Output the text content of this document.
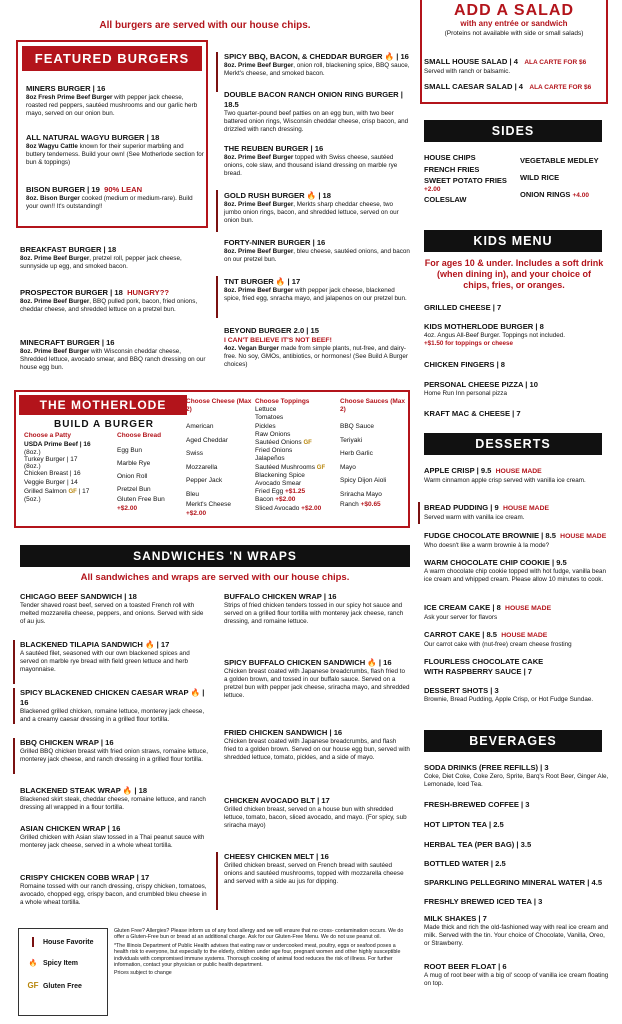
All burgers are served with our house chips.
FEATURED BURGERS
MINERS BURGER | 16
8oz Fresh Prime Beef Burger with pepper jack cheese, roasted red peppers, sautéed mushrooms and our garlic herb mayo, served on our onion bun.
ALL NATURAL WAGYU BURGER | 18
8oz Wagyu Cattle known for their superior marbling and buttery tenderness. Build your own! (See Motherlode section for bun & toppings)
BISON BURGER | 19 90% LEAN
8oz. Bison Burger cooked (medium or medium-rare). Build your own!! It's outstanding!!
BREAKFAST BURGER | 18
8oz. Prime Beef Burger, pretzel roll, pepper jack cheese, sunnyside up egg, and smoked bacon.
PROSPECTOR BURGER | 18 HUNGRY??
8oz. Prime Beef Burger, BBQ pulled pork, bacon, fried onions, cheddar cheese, and shredded lettuce on a pretzel bun.
MINECRAFT BURGER | 16
8oz. Prime Beef Burger with Wisconsin cheddar cheese, Shredded lettuce, avocado smear, and BBQ ranch dressing on our house egg bun.
SPICY BBQ, BACON, & CHEDDAR BURGER 🔥 | 16
8oz. Prime Beef Burger, onion roll, blackening spice, BBQ sauce, Merkt's cheese, and smoked bacon.
DOUBLE BACON RANCH ONION RING BURGER | 18.5
Two quarter-pound beef patties on an egg bun, with two beer battered onion rings, Wisconsin cheddar cheese, crisp bacon, and drizzled with ranch dressing.
THE REUBEN BURGER | 16
8oz. Prime Beef Burger topped with Swiss cheese, sautéed onions, cole slaw, and thousand island dressing on marble rye bread.
GOLD RUSH BURGER 🔥 | 18
8oz. Prime Beef Burger, Merkts sharp cheddar cheese, two jumbo onion rings, bacon, and shredded lettuce, served on our onion bun.
FORTY-NINER BURGER | 16
8oz. Prime Beef Burger, bleu cheese, sautéed onions, and bacon on our pretzel bun.
TNT BURGER 🔥 | 17
8oz. Prime Beef Burger with pepper jack cheese, blackened spice, fried egg, snracha mayo, and jalapenos on our pretzel bun.
BEYOND BURGER 2.0 | 15
I CAN'T BELIEVE IT'S NOT BEEF!
4oz. Vegan Burger made from simple plants, nut-free, and dairy-free. No soy, GMOs, antibiotics, or hormones! (See Build A Burger choices)
THE MOTHERLODE
BUILD A BURGER
Choose a Patty
USDA Prime Beef | 16
(8oz.)
Turkey Burger | 17
(8oz.)
Chicken Breast | 16
Veggie Burger | 14
Grilled Salmon GF | 17
(5oz.)
Choose Bread
Egg Bun
Marble Rye
Onion Roll
Pretzel Bun
Gluten Free Bun
+$2.00
Choose Cheese (Max 2)
American
Aged Cheddar
Swiss
Mozzarella
Pepper Jack
Bleu
Merkt's Cheese
+$2.00
Choose Toppings
Lettuce
Tomatoes
Pickles
Raw Onions
Sautéed Onions GF
Fried Onions
Jalapeños
Sautéed Mushrooms GF
Blackening Spice
Avocado Smear
Fried Egg +$1.25
Bacon +$2.00
Sliced Avocado +$2.00
Choose Sauces (Max 2)
BBQ Sauce
Teriyaki
Herb Garlic
Mayo
Spicy Dijon Aioli
Sriracha Mayo
Ranch +$0.65
SANDWICHES 'N WRAPS
All sandwiches and wraps are served with our house chips.
CHICAGO BEEF SANDWICH | 18
Tender shaved roast beef, served on a toasted French roll with melted mozzarella cheese, peppers, and onions. Served with side of au jus.
BLACKENED TILAPIA SANDWICH 🔥 | 17
A sautéed filet, seasoned with our own blackened spices and served on marble rye bread with field green lettuce and herb mayonnaise.
SPICY BLACKENED CHICKEN CAESAR WRAP 🔥 | 16
Blackened grilled chicken, romaine lettuce, monterey jack cheese, and a creamy caesar dressing in a grilled flour tortilla.
BBQ CHICKEN WRAP | 16
Grilled BBQ chicken breast with fried onion straws, romaine lettuce, monterey jack cheese, and ranch dressing in a grilled flour tortilla.
BLACKENED STEAK WRAP 🔥 | 18
Blackened skirt steak, cheddar cheese, romaine lettuce, and ranch dressing all wrapped in a flour tortilla.
ASIAN CHICKEN WRAP | 16
Grilled chicken with Asian slaw tossed in a Thai peanut sauce with monterey jack cheese, served in a whole wheat tortilla.
CRISPY CHICKEN COBB WRAP | 17
Romaine tossed with our ranch dressing, crispy chicken, tomatoes, avocado, chopped egg, crispy bacon, and crumbled bleu cheese in a whole wheat tortilla.
BUFFALO CHICKEN WRAP | 16
Strips of fried chicken tenders tossed in our spicy hot sauce and served on a grilled flour tortilla with monterey jack cheese, ranch dressing, and romaine lettuce.
SPICY BUFFALO CHICKEN SANDWICH 🔥 | 16
Chicken breast coated with Japanese breadcrumbs, flash fried to a golden brown, and tossed in our buffalo sauce. Served on a pretzel bun with pepper jack cheese, sriracha mayo, and shredded lettuce.
FRIED CHICKEN SANDWICH | 16
Chicken breast coated with Japanese breadcrumbs, and flash fried to a golden brown. Served on our house egg bun, served with shredded lettuce, tomato, pickles, and a side of mayo.
CHICKEN AVOCADO BLT | 17
Grilled chicken breast, served on a house bun with shredded lettuce, tomato, bacon, sliced avocado, and mayo. (For spicy, sub sriracha mayo)
CHEESY CHICKEN MELT | 16
Grilled chicken breast, served on French bread with sautéed onions and sautéed mushrooms, topped with mozzarella cheese and served with a side au jus for dipping.
House Favorite
🔥 Spicy Item
GF Gluten Free
Gluten Free? Allergies? Please inform us of any food allergy and we will ensure that no cross- contamination occurs. We do offer a Gluten-Free bun or bread at an additional charge. Ask for our Gluten-Free Menu. We do not use peanut oil.
*The Illinois Department of Public Health advises that eating raw or undercooked meat, poultry, eggs or seafood poses a health risk to everyone, but especially to the elderly, children under age four, pregnant women and other highly susceptible individuals with compromised immune systems. Thorough cooking of animal food reduces the risk of illness. For further information, contact your physician or public health department.
Prices subject to change
ADD A SALAD
with any entrée or sandwich
(Proteins not available with side or small salads)
SMALL HOUSE SALAD | 4 ALA CARTE FOR $6
Served with ranch or balsamic.
SMALL CAESAR SALAD | 4 ALA CARTE FOR $6
SIDES
HOUSE CHIPS
FRENCH FRIES
SWEET POTATO FRIES
+2.00
COLESLAW
VEGETABLE MEDLEY
WILD RICE
ONION RINGS +4.00
KIDS MENU
For ages 10 & under. Includes a soft drink (when dining in), and your choice of chips, fries, or oranges.
GRILLED CHEESE | 7
KIDS MOTHERLODE BURGER | 8
4oz. Angus All-Beef Burger. Toppings not included.
+$1.50 for toppings or cheese
CHICKEN FINGERS | 8
PERSONAL CHEESE PIZZA | 10
Home Run Inn personal pizza
KRAFT MAC & CHEESE | 7
DESSERTS
APPLE CRISP | 9.5 HOUSE MADE
Warm cinnamon apple crisp served with vanilla ice cream.
BREAD PUDDING | 9 HOUSE MADE
Served warm with vanilla ice cream.
FUDGE CHOCOLATE BROWNIE | 8.5 HOUSE MADE
Who doesn't like a warm brownie à la mode?
WARM CHOCOLATE CHIP COOKIE | 9.5
A warm chocolate chip cookie topped with hot fudge, vanilla bean ice cream and whipped cream. Please allow 10 minutes to cook.
ICE CREAM CAKE | 8 HOUSE MADE
Ask your server for flavors
CARROT CAKE | 8.5 HOUSE MADE
Our carrot cake with (nut-free) cream cheese frosting
FLOURLESS CHOCOLATE CAKE
WITH RASPBERRY SAUCE | 7
DESSERT SHOTS | 3
Brownie, Bread Pudding, Apple Crisp, or Hot Fudge Sundae.
BEVERAGES
SODA DRINKS (FREE REFILLS) | 3
Coke, Diet Coke, Coke Zero, Sprite, Barq's Root Beer, Ginger Ale, Lemonade, Iced Tea.
FRESH-BREWED COFFEE | 3
HOT LIPTON TEA | 2.5
HERBAL TEA (PER BAG) | 3.5
BOTTLED WATER | 2.5
SPARKLING PELLEGRINO MINERAL WATER | 4.5
FRESHLY BREWED ICED TEA | 3
MILK SHAKES | 7
Made thick and rich the old-fashioned way with real ice cream and milk. Served with the tin. Your choice of Chocolate, Vanilla, Oreo, or Strawberry.
ROOT BEER FLOAT | 6
A mug of root beer with a big ol' scoop of vanilla ice cream floating on top.
